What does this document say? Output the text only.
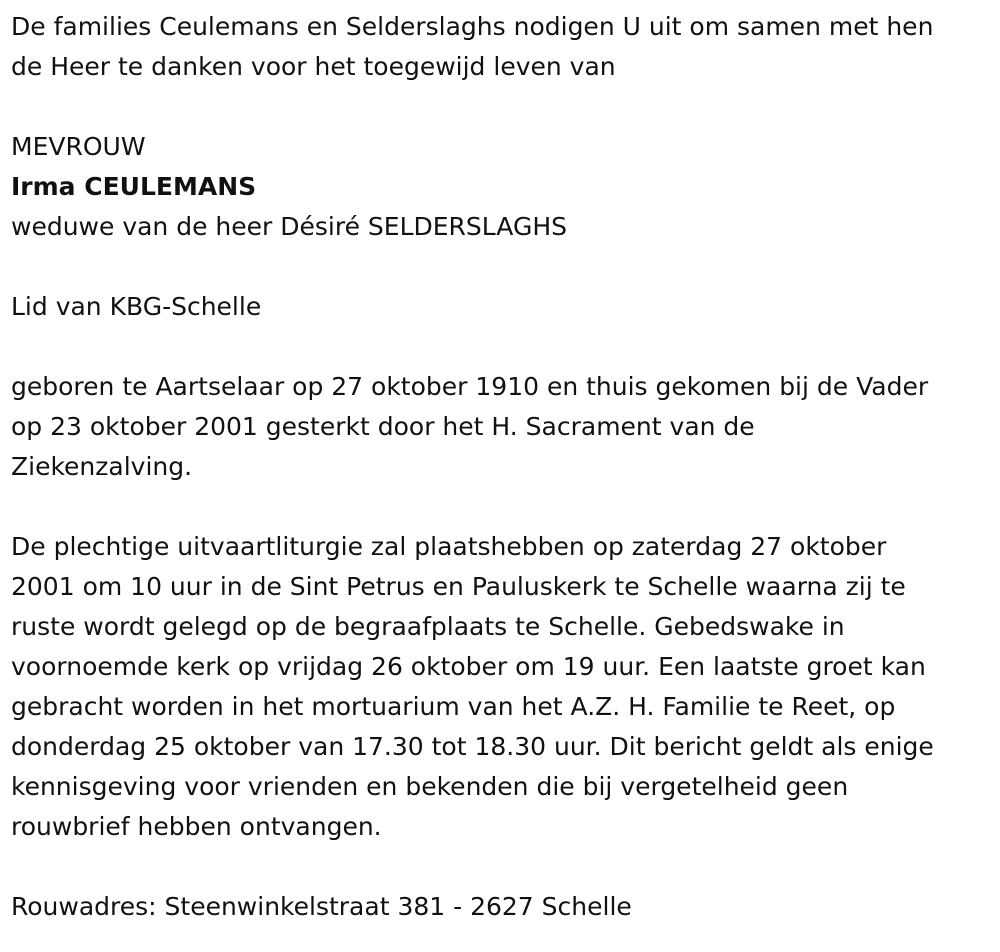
De families Ceulemans en Selderslaghs nodigen U uit om samen met hen
de Heer te danken voor het toegewijd leven van
MEVROUW
Irma CEULEMANS
weduwe van de heer Désiré SELDERSLAGHS
Lid van KBG-Schelle
geboren te Aartselaar op 27 oktober 1910 en thuis gekomen bij de Vader
op 23 oktober 2001 gesterkt door het H. Sacrament van de
Ziekenzalving.
De plechtige uitvaartliturgie zal plaatshebben op zaterdag 27 oktober
2001 om 10 uur in de Sint Petrus en Pauluskerk te Schelle waarna zij te
ruste wordt gelegd op de begraafplaats te Schelle. Gebedswake in
voornoemde kerk op vrijdag 26 oktober om 19 uur. Een laatste groet kan
gebracht worden in het mortuarium van het A.Z. H. Familie te Reet, op
donderdag 25 oktober van 17.30 tot 18.30 uur. Dit bericht geldt als enige
kennisgeving voor vrienden en bekenden die bij vergetelheid geen
rouwbrief hebben ontvangen.
Rouwadres: Steenwinkelstraat 381 - 2627 Schelle
